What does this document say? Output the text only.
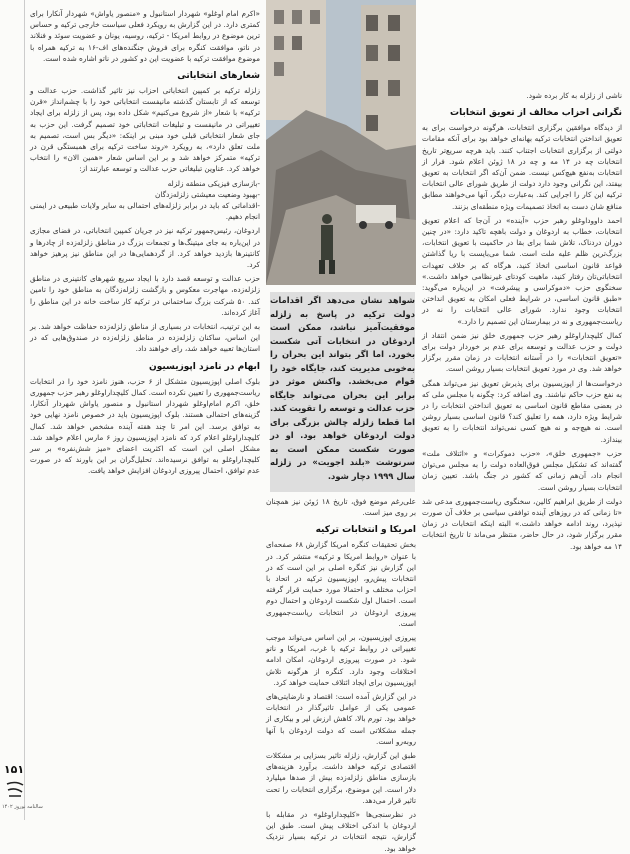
۱۵۱
سالنامه نوروز ۱۴۰۲

«اکرم امام اوغلو» شهردار استانبول و «منصور یاواش» شهردار آنکارا برای کمتری دارد. در این گزارش به رویکرد فعلی سیاست خارجی ترکیه و حساس ترین موضوع در روابط امریکا - ترکیه، روسیه، یونان و عضویت سوئد و فنلاند در ناتو، موافقت کنگره برای فروش جنگنده‌های اف-۱۶ به ترکیه همراه با موضوع موافقت ترکیه با عضویت این دو کشور در ناتو اشاره شده است.

شعارهای انتخاباتی

زلزله ترکیه بر کمپین انتخاباتی احزاب نیز تاثیر گذاشت. حزب عدالت و توسعه که از تابستان گذشته مانیفست انتخاباتی خود را با چشم‌انداز «قرن ترکیه» با شعار «از شروع می‌کنیم» شکل داده بود، پس از زلزله برای ایجاد تغییراتی در مانیفست و تبلیغات انتخاباتی خود تصمیم گرفت. این حزب به جای شعار انتخاباتی قبلی خود مبنی بر اینکه: «دیگر بس است، تصمیم به ملت تعلق دارد»، به رویکرد «روند ساخت ترکیه برای همبستگی قرن در ترکیه» متمرکز خواهد شد و بر این اساس شعار «همین الان» را انتخاب خواهد کرد. عناوین تبلیغاتی حزب عدالت و توسعه عبارتند از:

-بازسازی فیزیکی منطقه زلزله
-بهبود وضعیت معیشتی زلزله‌زدگان
-اقداماتی که باید در برابر زلزله‌های احتمالی به سایر ولایات طبیعی در ایمنی انجام دهیم.

اردوغان، رئیس‌جمهور ترکیه نیز در جریان کمپین انتخاباتی، در فضای مجازی در این‌باره به جای میتینگ‌ها و تجمعات بزرگ در مناطق زلزله‌زده از چادرها و کانتینرها بازدید خواهد کرد. از گردهمایی‌ها در این مناطق نیز پرهیز خواهد کرد.

حزب عدالت و توسعه قصد دارد با ایجاد سریع شهرهای کانتینری در مناطق زلزله‌زده، مهاجرت معکوس و بازگشت زلزله‌زدگان به مناطق خود را تامین کند. ۵۰ شرکت بزرگ ساختمانی در ترکیه کار ساخت خانه در این مناطق را آغاز کرده‌اند.

به این ترتیب، انتخابات در بسیاری از مناطق زلزله‌زده حفاظت خواهد شد. بر این اساس، ساکنان زلزله‌زده در مناطق زلزله‌زده در صندوق‌هایی که در استان‌ها تعبیه خواهد شد، رای خواهند داد.

ابهام در نامزد اپوزیسیون

بلوک اصلی اپوزیسیون متشکل از ۶ حزب، هنوز نامزد خود را در انتخابات ریاست‌جمهوری را تعیین نکرده است. کمال کلیچداراوغلو رهبر حزب جمهوری خلق، اکرم امام‌اوغلو شهردار استانبول و منصور یاواش شهردار آنکارا، گزینه‌های احتمالی هستند. بلوک اپوزیسیون باید در خصوص نامزد نهایی خود به توافق برسد. این امر تا چند هفته آینده مشخص خواهد شد. کمال کلیچداراوغلو اعلام کرد که نامزد اپوزیسیون روز ۶ مارس اعلام خواهد شد. مشکل اصلی این است که اکثریت اعضای «میز شش‌نفره» بر سر کلیچداراوغلو به توافق نرسیده‌اند. تحلیل‌گران بر این باورند که در صورت عدم توافق، احتمال پیروزی اردوغان افزایش خواهد یافت.

شواهد نشان می‌دهد اگر اقدامات دولت ترکیه در پاسخ به زلزله موفقیت‌آمیز نباشد، ممکن است اردوغان در انتخابات آتی شکست بخورد. اما اگر بتواند این بحران را به‌خوبی مدیریت کند، جایگاه خود را قوام می‌بخشد. واکنش موثر در برابر این بحران می‌تواند جایگاه حزب عدالت و توسعه را تقویت کند. اما قطعا زلزله چالش بزرگی برای دولت اردوغان خواهد بود. او در صورت شکست ممکن است به سرنوشت «بلند اجویت» در زلزله سال ۱۹۹۹ دچار شود.

علی‌رغم موضع فوق، تاریخ ۱۸ ژوئن نیز همچنان بر روی میز است.

امریکا و انتخابات ترکیه

بخش تحقیقات کنگره امریکا گزارش ۶۸ صفحه‌ای با عنوان «روابط امریکا و ترکیه» منتشر کرد. در این گزارش نیز کنگره اصلی بر این است که در انتخابات پیش‌رو، اپوزیسیون ترکیه در اتحاد با احزاب مختلف و احتمالا مورد حمایت قرار گرفته است. احتمال اول شکست اردوغان و احتمال دوم پیروزی اردوغان در انتخابات ریاست‌جمهوری است.

پیروزی اپوزیسیون، بر این اساس می‌تواند موجب تغییراتی در روابط ترکیه با غرب، امریکا و ناتو شود. در صورت پیروزی اردوغان، امکان ادامه اختلافات وجود دارد. کنگره از هرگونه تلاش اپوزیسیون برای ایجاد ائتلاف حمایت خواهد کرد.

در این گزارش آمده است: اقتصاد و نارضایتی‌های عمومی یکی از عوامل تاثیرگذار در انتخابات خواهد بود. تورم بالا، کاهش ارزش لیر و بیکاری از جمله مشکلاتی است که دولت اردوغان با آنها روبه‌رو است.

طبق این گزارش، زلزله تاثیر بسزایی بر مشکلات اقتصادی ترکیه خواهد داشت. برآورد هزینه‌های بازسازی مناطق زلزله‌زده بیش از صدها میلیارد دلار است. این موضوع، برگزاری انتخابات را تحت تاثیر قرار می‌دهد.

در نظرسنجی‌ها «کلیچداراوغلو» در مقابله با اردوغان با اندکی اختلاف پیش است. طبق این گزارش، نتیجه انتخابات در ترکیه بسیار نزدیک خواهد بود.

ناشی از زلزله به کار برده شود.

نگرانی احزاب مخالف از تعویق انتخابات

از دیدگاه موافقین برگزاری انتخابات، هرگونه درخواست برای به تعویق انداختن انتخابات ترکیه بهانه‌ای خواهد بود برای آنکه مقامات دولتی از برگزاری انتخابات اجتناب کنند. باید هرچه سریع‌تر تاریخ انتخابات چه در ۱۴ مه و چه در ۱۸ ژوئن اعلام شود. فرار از انتخابات به‌نفع هیچ‌کس نیست. ضمن آن‌که اگر انتخابات به تعویق بیفتد، این نگرانی وجود دارد دولت از طریق شورای عالی انتخابات ترکیه این کار را اجرایی کند. به‌عبارت دیگر، آنها می‌خواهند مطابق منافع شان دست به اتخاذ تصمیمات ویژه منطقه‌ای بزنند.

احمد داووداوغلو رهبر حزب «آینده» در آن‌جا که اعلام تعویق انتخابات، خطاب به اردوغان و دولت باهچه تاکید دارد: «در چنین دوران دردناک، تلاش شما برای بقا در حاکمیت با تعویق انتخابات، بزرگ‌ترین ظلم علیه ملت است. شما می‌بایست با ریا گذاشتن قواعد قانون اساسی اتخاذ کنید، هرگاه که بر خلاف تعهدات انتخاباتی‌تان رفتار کنید، ماهیت کودتای غیرنظامی خواهد داشت.» سخنگوی حزب «دموکراسی و پیشرفت» در این‌باره می‌گوید: «طبق قانون اساسی، در شرایط فعلی امکان به تعویق انداختن انتخابات وجود ندارد. شورای عالی انتخابات را نه در ریاست‌جمهوری و نه در بیمارستان این تصمیم را دارد.»

کمال کلیچداراوغلو رهبر حزب جمهوری خلق نیز ضمن انتقاد از دولت و حزب عدالت و توسعه برای عدم بر خوردار دولت برای «تعویق انتخابات» را در آستانه انتخابات در زمان مقرر برگزار خواهد شد. وی در مورد تعویق انتخابات بسیار روشن است.

درخواست‌ها از اپوزیسیون برای پذیرش تعویق نیز می‌تواند همگی به نفع حزب حاکم نباشند. وی اضافه کرد: چگونه با مجلس ملی که در بعضی مقاطع قانون اساسی به تعویق انداختن انتخابات را در شرایط ویژه دارد، همه را تعلیق کند؟ قانون اساسی بسیار روشن است. نه هیچ‌جه و نه هیچ کسی نمی‌تواند انتخابات را به تعویق بیندازد.

حزب «جمهوری خلق»، «حزب دموکرات» و «ائتلاف ملت» گفته‌اند که تشکیل مجلس فوق‌العاده دولت را به مجلس می‌توان انجام داد، آن‌هم زمانی که کشور در جنگ باشد. تعیین زمان انتخابات بسیار روشن است.

دولت از طریق ابراهیم کالین، سخنگوی ریاست‌جمهوری مدعی شد «تا زمانی که در روزهای آینده توافقی سیاسی بر خلاف آن صورت نپذیرد، روند ادامه خواهد داشت.» البته اینکه انتخابات در زمان مقرر برگزار شود، در حال حاضر، منتظر می‌ماند تا تاریخ انتخابات ۱۴ مه خواهد بود.
